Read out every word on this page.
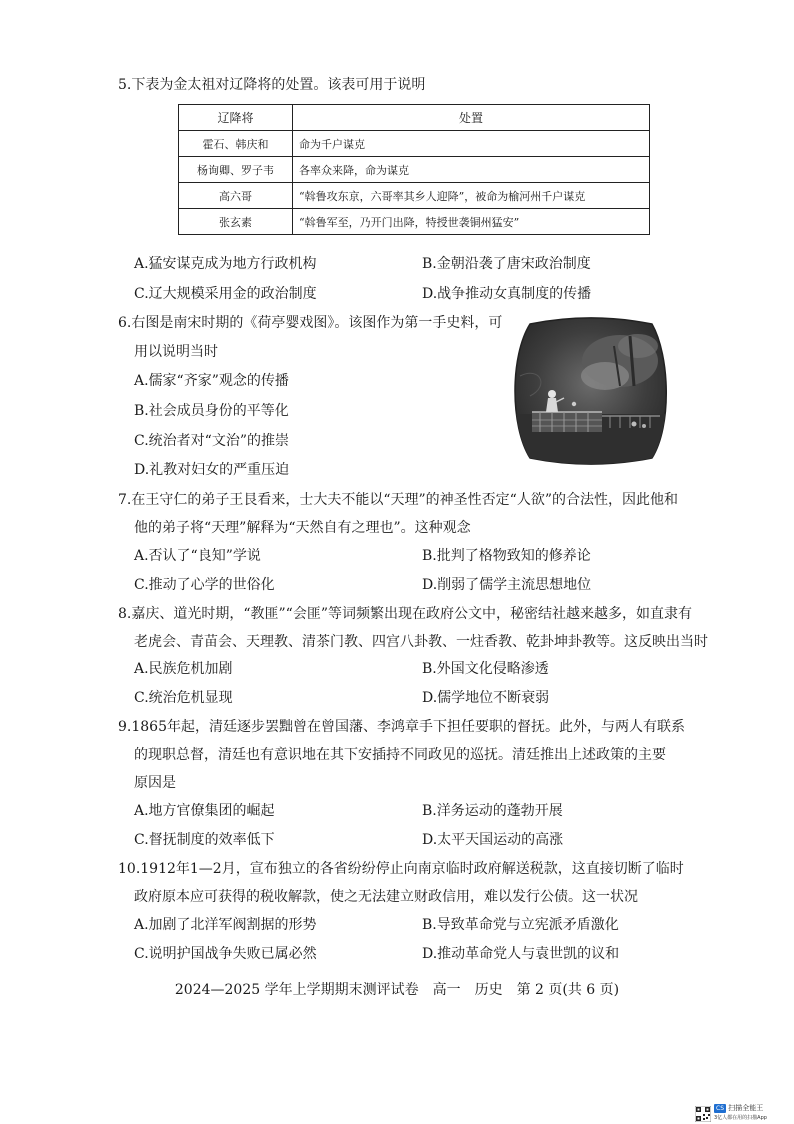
5.下表为金太祖对辽降将的处置。该表可用于说明
辽降将	处置
霍石、韩庆和	命为千户谋克
杨询卿、罗子韦	各率众来降，命为谋克
高六哥	“斡鲁攻东京，六哥率其乡人迎降”，被命为榆河州千户谋克
张玄素	“斡鲁军至，乃开门出降，特授世袭铜州猛安”
A.猛安谋克成为地方行政机构	B.金朝沿袭了唐宋政治制度
C.辽大规模采用金的政治制度	D.战争推动女真制度的传播
6.右图是南宋时期的《荷亭婴戏图》。该图作为第一手史料，可
用以说明当时
A.儒家“齐家”观念的传播
B.社会成员身份的平等化
C.统治者对“文治”的推崇
D.礼教对妇女的严重压迫
7.在王守仁的弟子王艮看来，士大夫不能以“天理”的神圣性否定“人欲”的合法性，因此他和
他的弟子将“天理”解释为“天然自有之理也”。这种观念
A.否认了“良知”学说	B.批判了格物致知的修养论
C.推动了心学的世俗化	D.削弱了儒学主流思想地位
8.嘉庆、道光时期，“教匪”“会匪”等词频繁出现在政府公文中，秘密结社越来越多，如直隶有
老虎会、青苗会、天理教、清茶门教、四宫八卦教、一炷香教、乾卦坤卦教等。这反映出当时
A.民族危机加剧	B.外国文化侵略渗透
C.统治危机显现	D.儒学地位不断衰弱
9.1865年起，清廷逐步罢黜曾在曾国藩、李鸿章手下担任要职的督抚。此外，与两人有联系
的现职总督，清廷也有意识地在其下安插持不同政见的巡抚。清廷推出上述政策的主要
原因是
A.地方官僚集团的崛起	B.洋务运动的蓬勃开展
C.督抚制度的效率低下	D.太平天国运动的高涨
10.1912年1—2月，宣布独立的各省纷纷停止向南京临时政府解送税款，这直接切断了临时
政府原本应可获得的税收解款，使之无法建立财政信用，难以发行公债。这一状况
A.加剧了北洋军阀割据的形势	B.导致革命党与立宪派矛盾激化
C.说明护国战争失败已属必然	D.推动革命党人与袁世凯的议和
2024—2025 学年上学期期末测评试卷　高一　历史　第 2 页(共 6 页)
CS 扫描全能王
3亿人都在用的扫描App
